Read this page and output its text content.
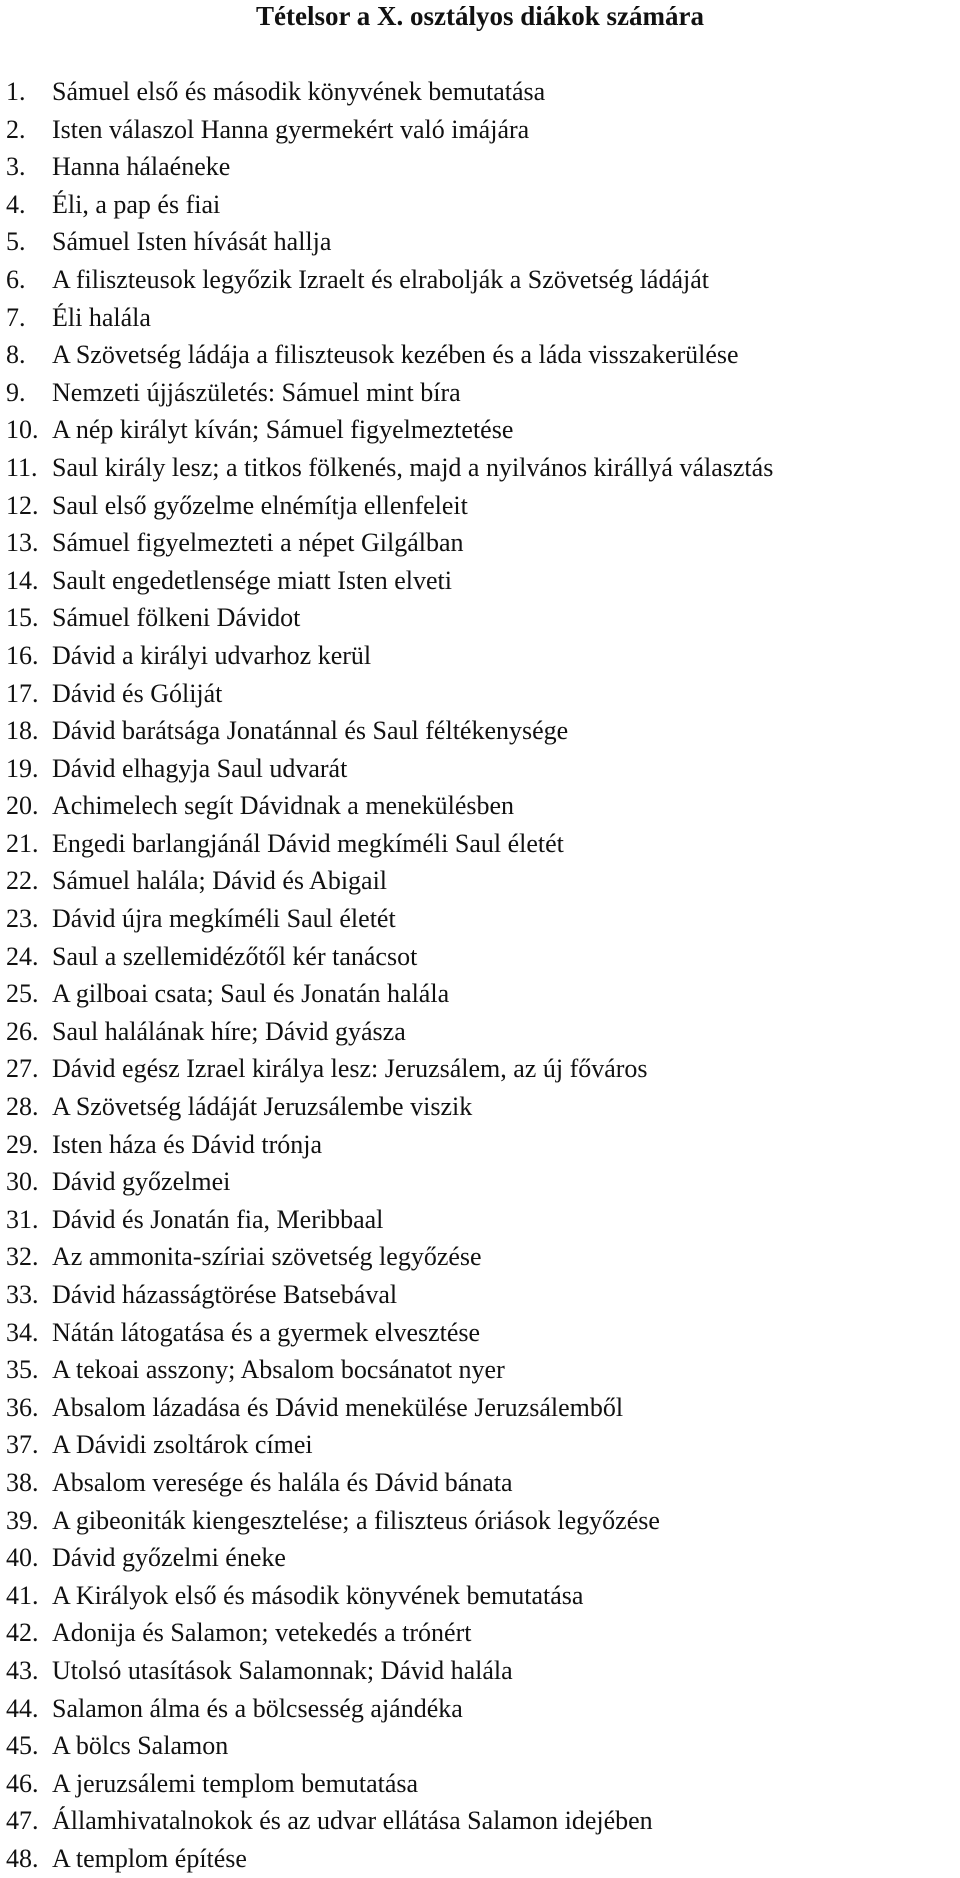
Tételsor a X. osztályos diákok számára
1. Sámuel első és második könyvének bemutatása
2. Isten válaszol Hanna gyermekért való imájára
3. Hanna hálaéneke
4. Éli, a pap és fiai
5. Sámuel Isten hívását hallja
6. A filiszteusok legyőzik Izraelt és elrabolják a Szövetség ládáját
7. Éli halála
8. A Szövetség ládája a filiszteusok kezében és a láda visszakerülése
9. Nemzeti újjászületés: Sámuel mint bíra
10. A nép királyt kíván; Sámuel figyelmeztetése
11. Saul király lesz; a titkos fölkenés, majd a nyilvános királlyá választás
12. Saul első győzelme elnémítja ellenfeleit
13. Sámuel figyelmezteti a népet Gilgálban
14. Sault engedetlensége miatt Isten elveti
15. Sámuel fölkeni Dávidot
16. Dávid a királyi udvarhoz kerül
17. Dávid és Góliját
18. Dávid barátsága Jonatánnal és Saul féltékenysége
19. Dávid elhagyja Saul udvarát
20. Achimelech segít Dávidnak a menekülésben
21. Engedi barlangjánál Dávid megkíméli Saul életét
22. Sámuel halála; Dávid és Abigail
23. Dávid újra megkíméli Saul életét
24. Saul a szellemidézőtől kér tanácsot
25. A gilboai csata; Saul és Jonatán halála
26. Saul halálának híre; Dávid gyásza
27. Dávid egész Izrael királya lesz: Jeruzsálem, az új főváros
28. A Szövetség ládáját Jeruzsálembe viszik
29. Isten háza és Dávid trónja
30. Dávid győzelmei
31. Dávid és Jonatán fia, Meribbaal
32. Az ammonita-szíriai szövetség legyőzése
33. Dávid házasságtörése Batsebával
34. Nátán látogatása és a gyermek elvesztése
35. A tekoai asszony; Absalom bocsánatot nyer
36. Absalom lázadása és Dávid menekülése Jeruzsálemből
37. A Dávidi zsoltárok címei
38. Absalom veresége és halála és Dávid bánata
39. A gibeoniták kiengesztelése; a filiszteus óriások legyőzése
40. Dávid győzelmi éneke
41. A Királyok első és második könyvének bemutatása
42. Adonija és Salamon; vetekedés a trónért
43. Utolsó utasítások Salamonnak; Dávid halála
44. Salamon álma és a bölcsesség ajándéka
45. A bölcs Salamon
46. A jeruzsálemi templom bemutatása
47. Államhivatalnokok és az udvar ellátása Salamon idejében
48. A templom építése
